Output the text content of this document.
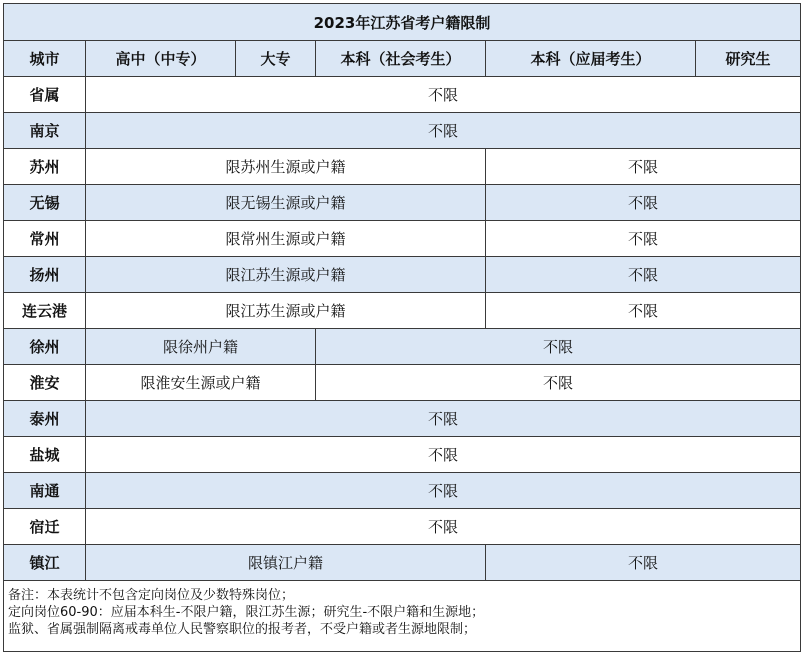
2023年江苏省考户籍限制					
城市	高中（中专）	大专	本科（社会考生）	本科（应届考生）	研究生
省属	不限				
南京	不限				
苏州	限苏州生源或户籍			不限	
无锡	限无锡生源或户籍			不限	
常州	限常州生源或户籍			不限	
扬州	限江苏生源或户籍			不限	
连云港	限江苏生源或户籍			不限	
徐州	限徐州户籍		不限		
淮安	限淮安生源或户籍		不限		
泰州	不限				
盐城	不限				
南通	不限				
宿迁	不限				
镇江	限镇江户籍			不限	

备注：本表统计不包含定向岗位及少数特殊岗位；
定向岗位60-90：应届本科生-不限户籍，限江苏生源；研究生-不限户籍和生源地；
监狱、省属强制隔离戒毒单位人民警察职位的报考者，不受户籍或者生源地限制；					
